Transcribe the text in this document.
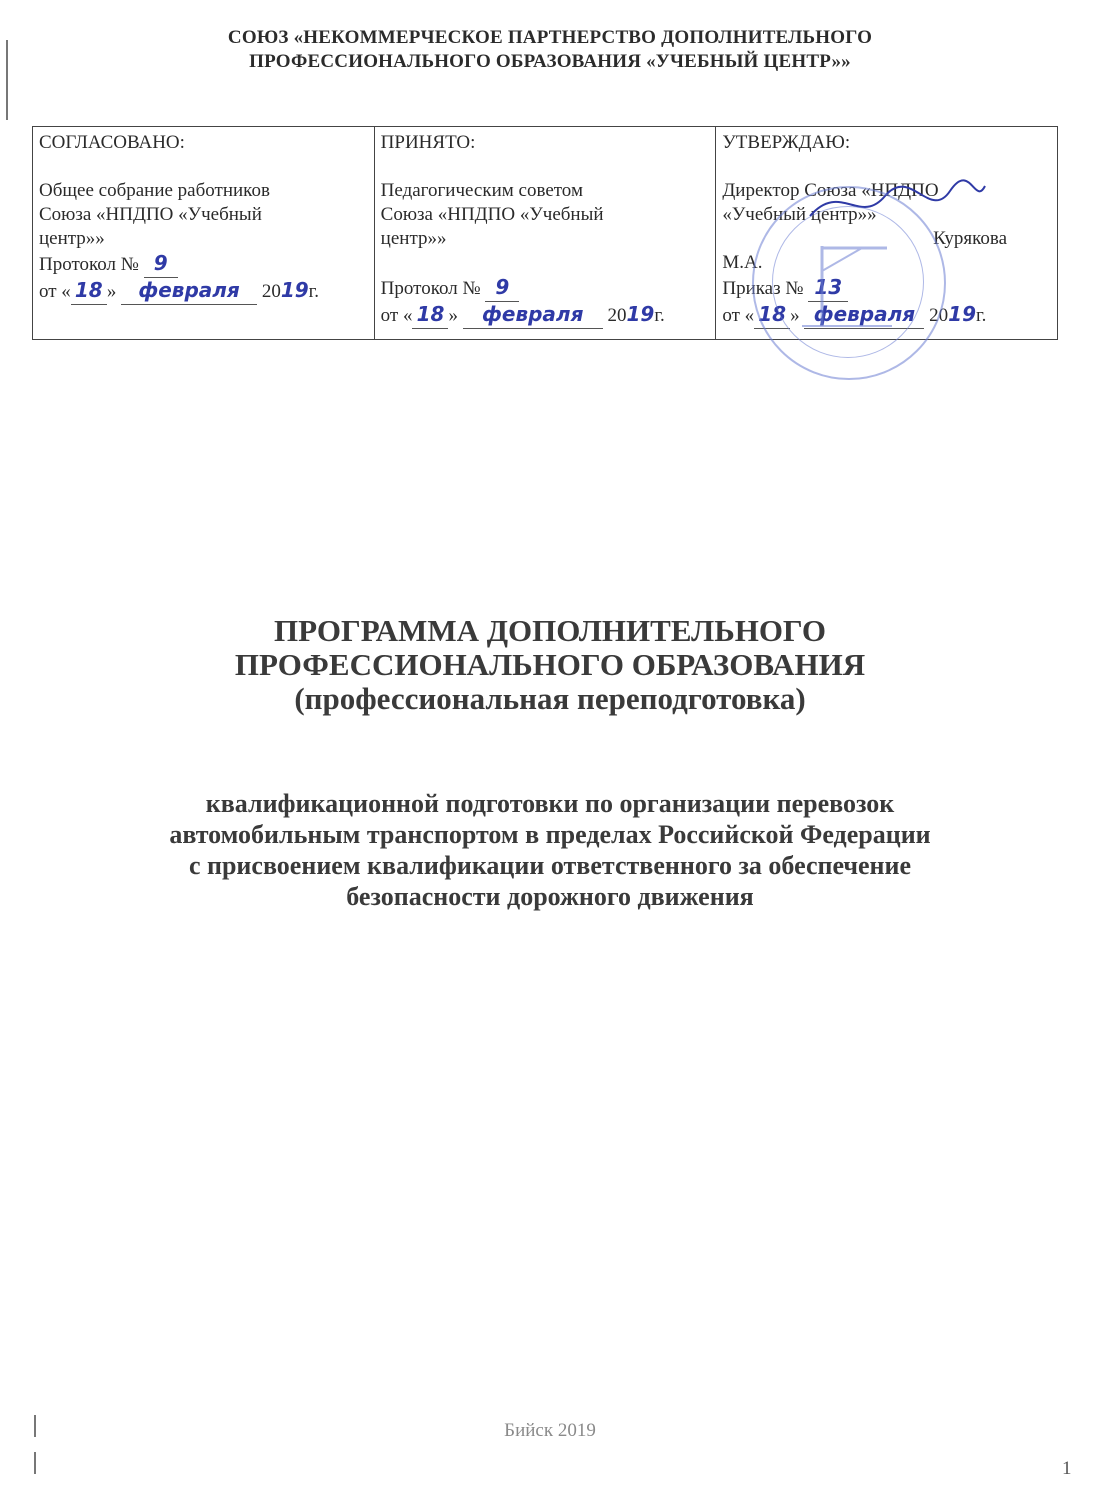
СОЮЗ «НЕКОММЕРЧЕСКОЕ ПАРТНЕРСТВО ДОПОЛНИТЕЛЬНОГО
ПРОФЕССИОНАЛЬНОГО ОБРАЗОВАНИЯ «УЧЕБНЫЙ ЦЕНТР»»
СОГЛАСОВАНО:
Общее собрание работников
Союза «НПДПО «Учебный
центр»»
Протокол № 9
от « 18 » февраля 2019г.
ПРИНЯТО:
Педагогическим советом
Союза «НПДПО «Учебный
центр»»
Протокол № 9
от « 18 » февраля 2019г.
УТВЕРЖДАЮ:
Директор Союза «НПДПО
«Учебный центр»»
Курякова
М.А.
Приказ № 13
от « 18 » февраля 2019г.
ПРОГРАММА ДОПОЛНИТЕЛЬНОГО
ПРОФЕССИОНАЛЬНОГО ОБРАЗОВАНИЯ
(профессиональная переподготовка)
квалификационной подготовки по организации перевозок
автомобильным транспортом в пределах Российской Федерации
с присвоением квалификации ответственного за обеспечение
безопасности дорожного движения
Бийск 2019
1
